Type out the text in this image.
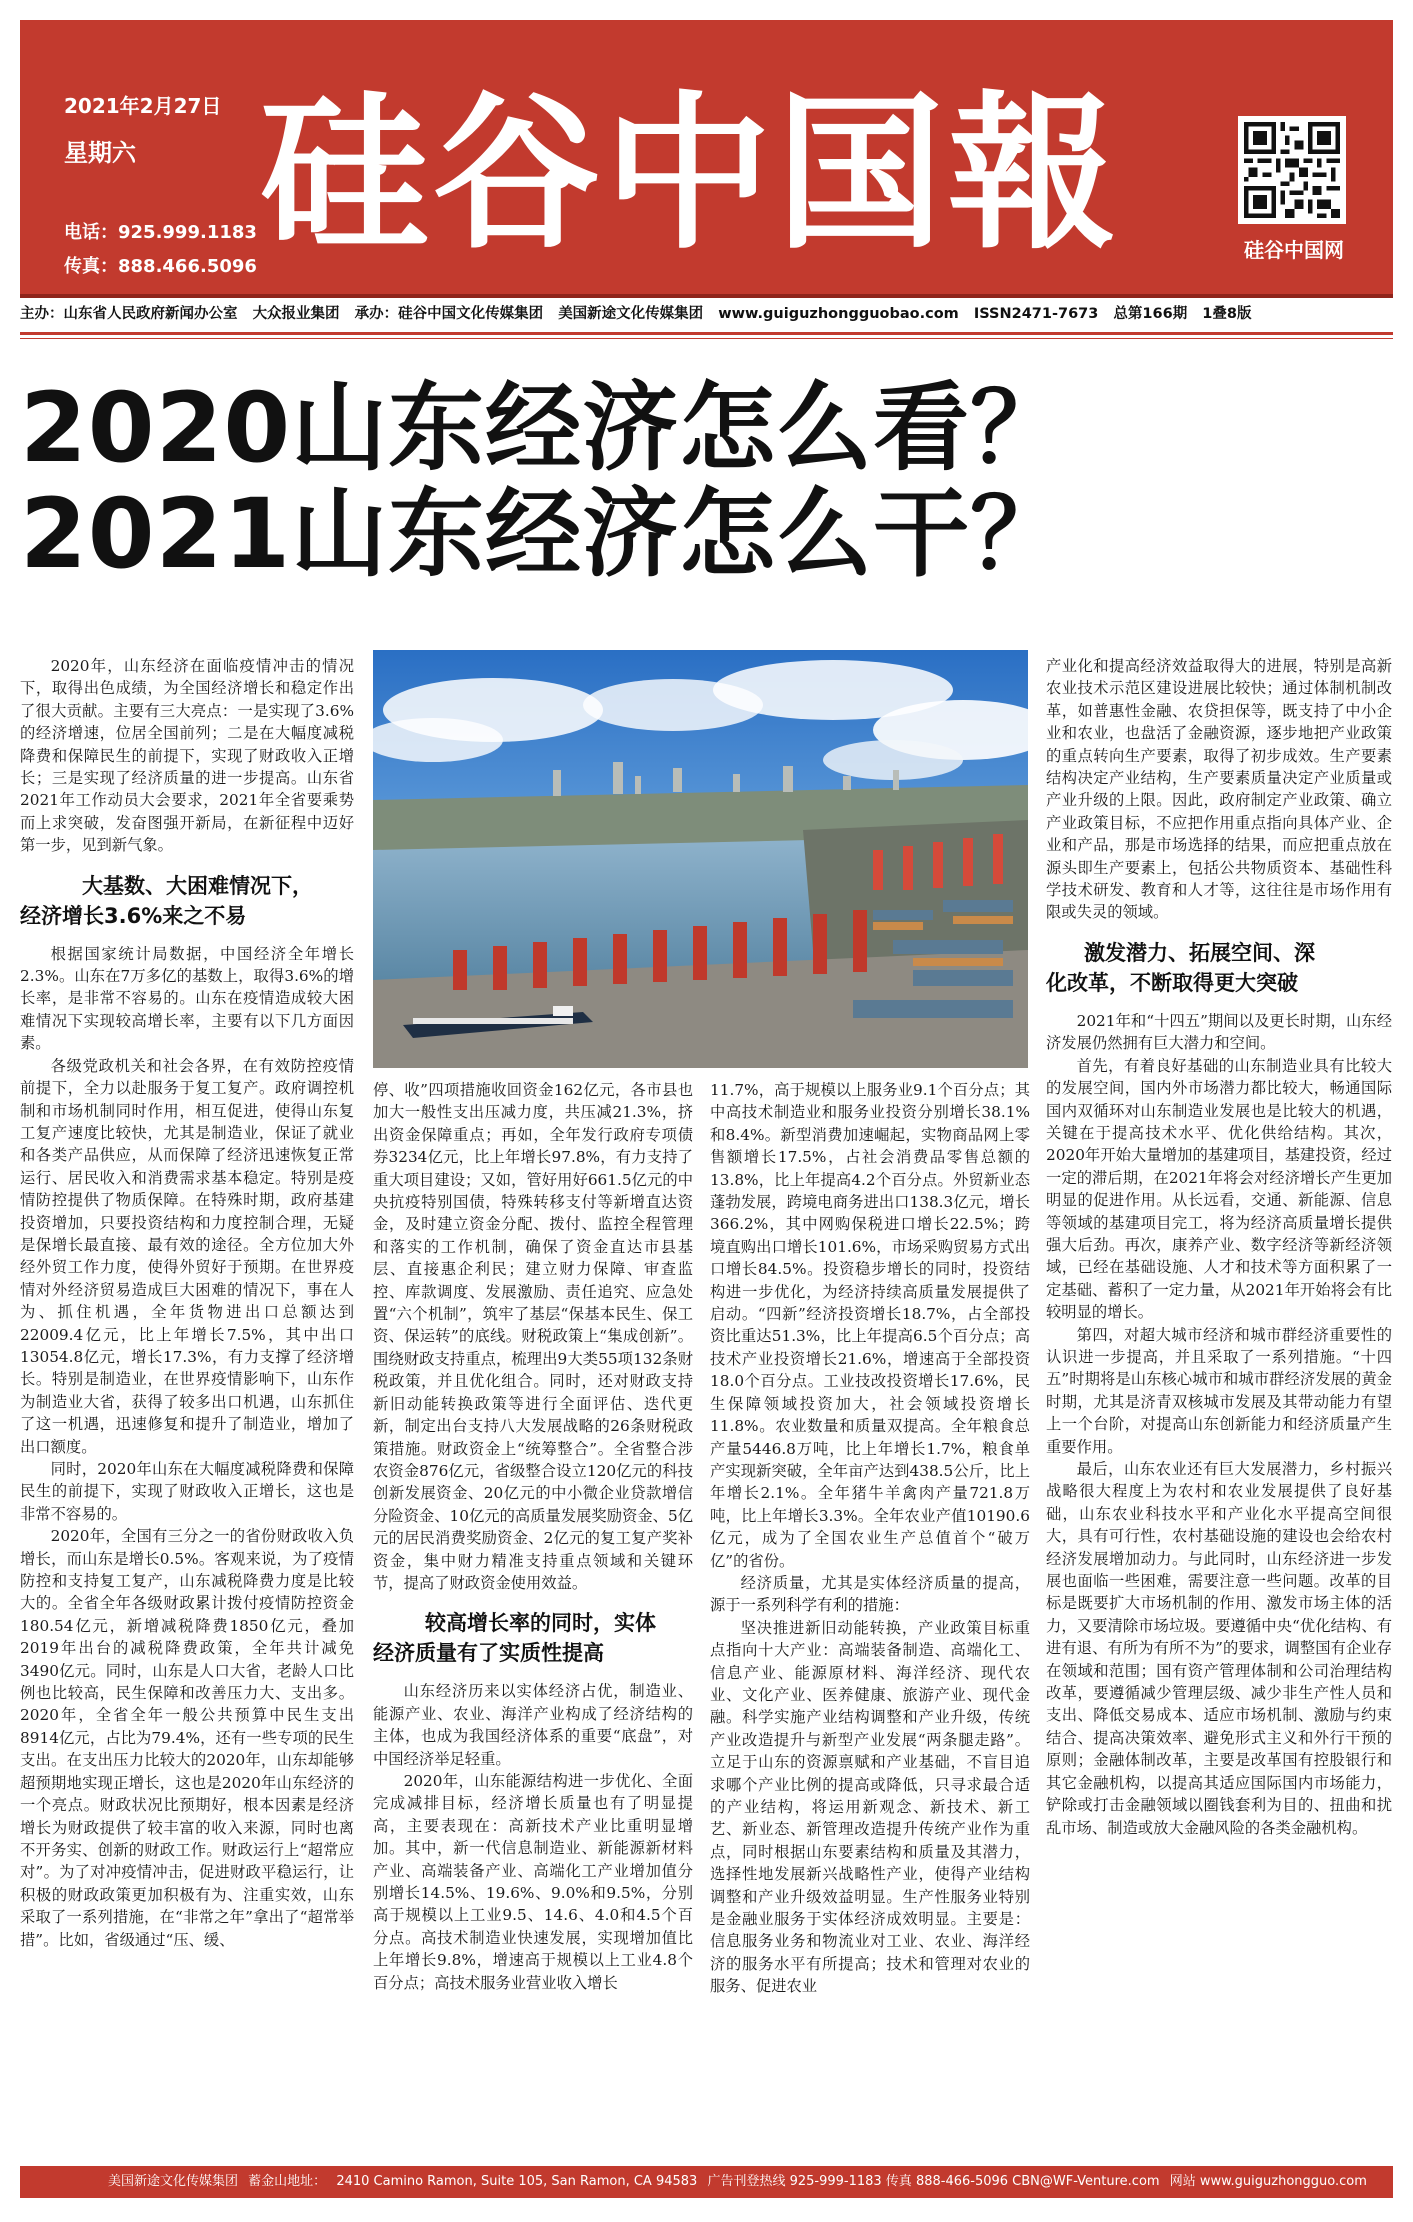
2021年2月27日
星期六
电话：925.999.1183
传真：888.466.5096 硅谷中国報	硅谷中国网
主办：山东省人民政府新闻办公室 大众报业集团 承办：硅谷中国文化传媒集团 美国新途文化传媒集团 www.guiguzhongguobao.com ISSN2471-7673 总第166期 1叠8版
2020山东经济怎么看？
2021山东经济怎么干？

2020年，山东经济在面临疫情冲击的情况下，取得出色成绩，为全国经济增长和稳定作出了很大贡献。主要有三大亮点：一是实现了3.6%的经济增速，位居全国前列；二是在大幅度减税降费和保障民生的前提下，实现了财政收入正增长；三是实现了经济质量的进一步提高。山东省2021年工作动员大会要求，2021年全省要乘势而上求突破，发奋图强开新局，在新征程中迈好第一步，见到新气象。

大基数、大困难情况下，
经济增长3.6%来之不易

根据国家统计局数据，中国经济全年增长2.3%。山东在7万多亿的基数上，取得3.6%的增长率，是非常不容易的。山东在疫情造成较大困难情况下实现较高增长率，主要有以下几方面因素。

各级党政机关和社会各界，在有效防控疫情前提下，全力以赴服务于复工复产。政府调控机制和市场机制同时作用，相互促进，使得山东复工复产速度比较快，尤其是制造业，保证了就业和各类产品供应，从而保障了经济迅速恢复正常运行、居民收入和消费需求基本稳定。特别是疫情防控提供了物质保障。在特殊时期，政府基建投资增加，只要投资结构和力度控制合理，无疑是保增长最直接、最有效的途径。全方位加大外经外贸工作力度，使得外贸好于预期。在世界疫情对外经济贸易造成巨大困难的情况下，事在人为、抓住机遇，全年货物进出口总额达到22009.4亿元，比上年增长7.5%，其中出口13054.8亿元，增长17.3%，有力支撑了经济增长。特别是制造业，在世界疫情影响下，山东作为制造业大省，获得了较多出口机遇，山东抓住了这一机遇，迅速修复和提升了制造业，增加了出口额度。

同时，2020年山东在大幅度减税降费和保障民生的前提下，实现了财政收入正增长，这也是非常不容易的。

2020年，全国有三分之一的省份财政收入负增长，而山东是增长0.5%。客观来说，为了疫情防控和支持复工复产，山东减税降费力度是比较大的。全省全年各级财政累计拨付疫情防控资金180.54亿元，新增减税降费1850亿元，叠加2019年出台的减税降费政策，全年共计减免3490亿元。同时，山东是人口大省，老龄人口比例也比较高，民生保障和改善压力大、支出多。2020年，全省全年一般公共预算中民生支出8914亿元，占比为79.4%，还有一些专项的民生支出。在支出压力比较大的2020年，山东却能够超预期地实现正增长，这也是2020年山东经济的一个亮点。财政状况比预期好，根本因素是经济增长为财政提供了较丰富的收入来源，同时也离不开务实、创新的财政工作。财政运行上“超常应对”。为了对冲疫情冲击，促进财政平稳运行，让积极的财政政策更加积极有为、注重实效，山东采取了一系列措施，在“非常之年”拿出了“超常举措”。比如，省级通过“压、缓、

停、收”四项措施收回资金162亿元，各市县也加大一般性支出压减力度，共压减21.3%，挤出资金保障重点；再如，全年发行政府专项债券3234亿元，比上年增长97.8%，有力支持了重大项目建设；又如，管好用好661.5亿元的中央抗疫特别国债，特殊转移支付等新增直达资金，及时建立资金分配、拨付、监控全程管理和落实的工作机制，确保了资金直达市县基层、直接惠企利民；建立财力保障、审查监控、库款调度、发展激励、责任追究、应急处置“六个机制”，筑牢了基层“保基本民生、保工资、保运转”的底线。财税政策上“集成创新”。围绕财政支持重点，梳理出9大类55项132条财税政策，并且优化组合。同时，还对财政支持新旧动能转换政策等进行全面评估、迭代更新，制定出台支持八大发展战略的26条财税政策措施。财政资金上“统筹整合”。全省整合涉农资金876亿元，省级整合设立120亿元的科技创新发展资金、20亿元的中小微企业贷款增信分险资金、10亿元的高质量发展奖励资金、5亿元的居民消费奖励资金、2亿元的复工复产奖补资金，集中财力精准支持重点领域和关键环节，提高了财政资金使用效益。

较高增长率的同时，实体
经济质量有了实质性提高

山东经济历来以实体经济占优，制造业、能源产业、农业、海洋产业构成了经济结构的主体，也成为我国经济体系的重要“底盘”，对中国经济举足轻重。

2020年，山东能源结构进一步优化、全面完成减排目标，经济增长质量也有了明显提高，主要表现在：高新技术产业比重明显增加。其中，新一代信息制造业、新能源新材料产业、高端装备产业、高端化工产业增加值分别增长14.5%、19.6%、9.0%和9.5%，分别高于规模以上工业9.5、14.6、4.0和4.5个百分点。高技术制造业快速发展，实现增加值比上年增长9.8%，增速高于规模以上工业4.8个百分点；高技术服务业营业收入增长

11.7%，高于规模以上服务业9.1个百分点；其中高技术制造业和服务业投资分别增长38.1%和8.4%。新型消费加速崛起，实物商品网上零售额增长17.5%，占社会消费品零售总额的13.8%，比上年提高4.2个百分点。外贸新业态蓬勃发展，跨境电商务进出口138.3亿元，增长366.2%，其中网购保税进口增长22.5%；跨境直购出口增长101.6%，市场采购贸易方式出口增长84.5%。投资稳步增长的同时，投资结构进一步优化，为经济持续高质量发展提供了启动。“四新”经济投资增长18.7%，占全部投资比重达51.3%，比上年提高6.5个百分点；高技术产业投资增长21.6%，增速高于全部投资18.0个百分点。工业技改投资增长17.6%，民生保障领域投资加大，社会领域投资增长11.8%。农业数量和质量双提高。全年粮食总产量5446.8万吨，比上年增长1.7%，粮食单产实现新突破，全年亩产达到438.5公斤，比上年增长2.1%。全年猪牛羊禽肉产量721.8万吨，比上年增长3.3%。全年农业产值10190.6亿元，成为了全国农业生产总值首个“破万亿”的省份。

经济质量，尤其是实体经济质量的提高，源于一系列科学有利的措施：

坚决推进新旧动能转换，产业政策目标重点指向十大产业：高端装备制造、高端化工、信息产业、能源原材料、海洋经济、现代农业、文化产业、医养健康、旅游产业、现代金融。科学实施产业结构调整和产业升级，传统产业改造提升与新型产业发展“两条腿走路”。立足于山东的资源禀赋和产业基础，不盲目追求哪个产业比例的提高或降低，只寻求最合适的产业结构，将运用新观念、新技术、新工艺、新业态、新管理改造提升传统产业作为重点，同时根据山东要素结构和质量及其潜力，选择性地发展新兴战略性产业，使得产业结构调整和产业升级效益明显。生产性服务业特别是金融业服务于实体经济成效明显。主要是：信息服务业务和物流业对工业、农业、海洋经济的服务水平有所提高；技术和管理对农业的服务、促进农业

产业化和提高经济效益取得大的进展，特别是高新农业技术示范区建设进展比较快；通过体制机制改革，如普惠性金融、农贷担保等，既支持了中小企业和农业，也盘活了金融资源，逐步地把产业政策的重点转向生产要素，取得了初步成效。生产要素结构决定产业结构，生产要素质量决定产业质量或产业升级的上限。因此，政府制定产业政策、确立产业政策目标，不应把作用重点指向具体产业、企业和产品，那是市场选择的结果，而应把重点放在源头即生产要素上，包括公共物质资本、基础性科学技术研发、教育和人才等，这往往是市场作用有限或失灵的领域。

激发潜力、拓展空间、深
化改革，不断取得更大突破

2021年和“十四五”期间以及更长时期，山东经济发展仍然拥有巨大潜力和空间。

首先，有着良好基础的山东制造业具有比较大的发展空间，国内外市场潜力都比较大，畅通国际国内双循环对山东制造业发展也是比较大的机遇，关键在于提高技术水平、优化供给结构。其次，2020年开始大量增加的基建项目，基建投资，经过一定的滞后期，在2021年将会对经济增长产生更加明显的促进作用。从长远看，交通、新能源、信息等领域的基建项目完工，将为经济高质量增长提供强大后劲。再次，康养产业、数字经济等新经济领域，已经在基础设施、人才和技术等方面积累了一定基础、蓄积了一定力量，从2021年开始将会有比较明显的增长。

第四，对超大城市经济和城市群经济重要性的认识进一步提高，并且采取了一系列措施。“十四五”时期将是山东核心城市和城市群经济发展的黄金时期，尤其是济青双核城市发展及其带动能力有望上一个台阶，对提高山东创新能力和经济质量产生重要作用。

最后，山东农业还有巨大发展潜力，乡村振兴战略很大程度上为农村和农业发展提供了良好基础，山东农业科技水平和产业化水平提高空间很大，具有可行性，农村基础设施的建设也会给农村经济发展增加动力。与此同时，山东经济进一步发展也面临一些困难，需要注意一些问题。改革的目标是既要扩大市场机制的作用、激发市场主体的活力，又要清除市场垃圾。要遵循中央“优化结构、有进有退、有所为有所不为”的要求，调整国有企业存在领域和范围；国有资产管理体制和公司治理结构改革，要遵循减少管理层级、减少非生产性人员和支出、降低交易成本、适应市场机制、激励与约束结合、提高决策效率、避免形式主义和外行干预的原则；金融体制改革，主要是改革国有控股银行和其它金融机构，以提高其适应国际国内市场能力，铲除或打击金融领域以圈钱套利为目的、扭曲和扰乱市场、制造或放大金融风险的各类金融机构。

美国新途文化传媒集团 蓄金山地址： 2410 Camino Ramon, Suite 105, San Ramon, CA 94583 广告刊登热线 925-999-1183 传真 888-466-5096 CBN@WF-Venture.com 网站 www.guiguzhongguo.com
